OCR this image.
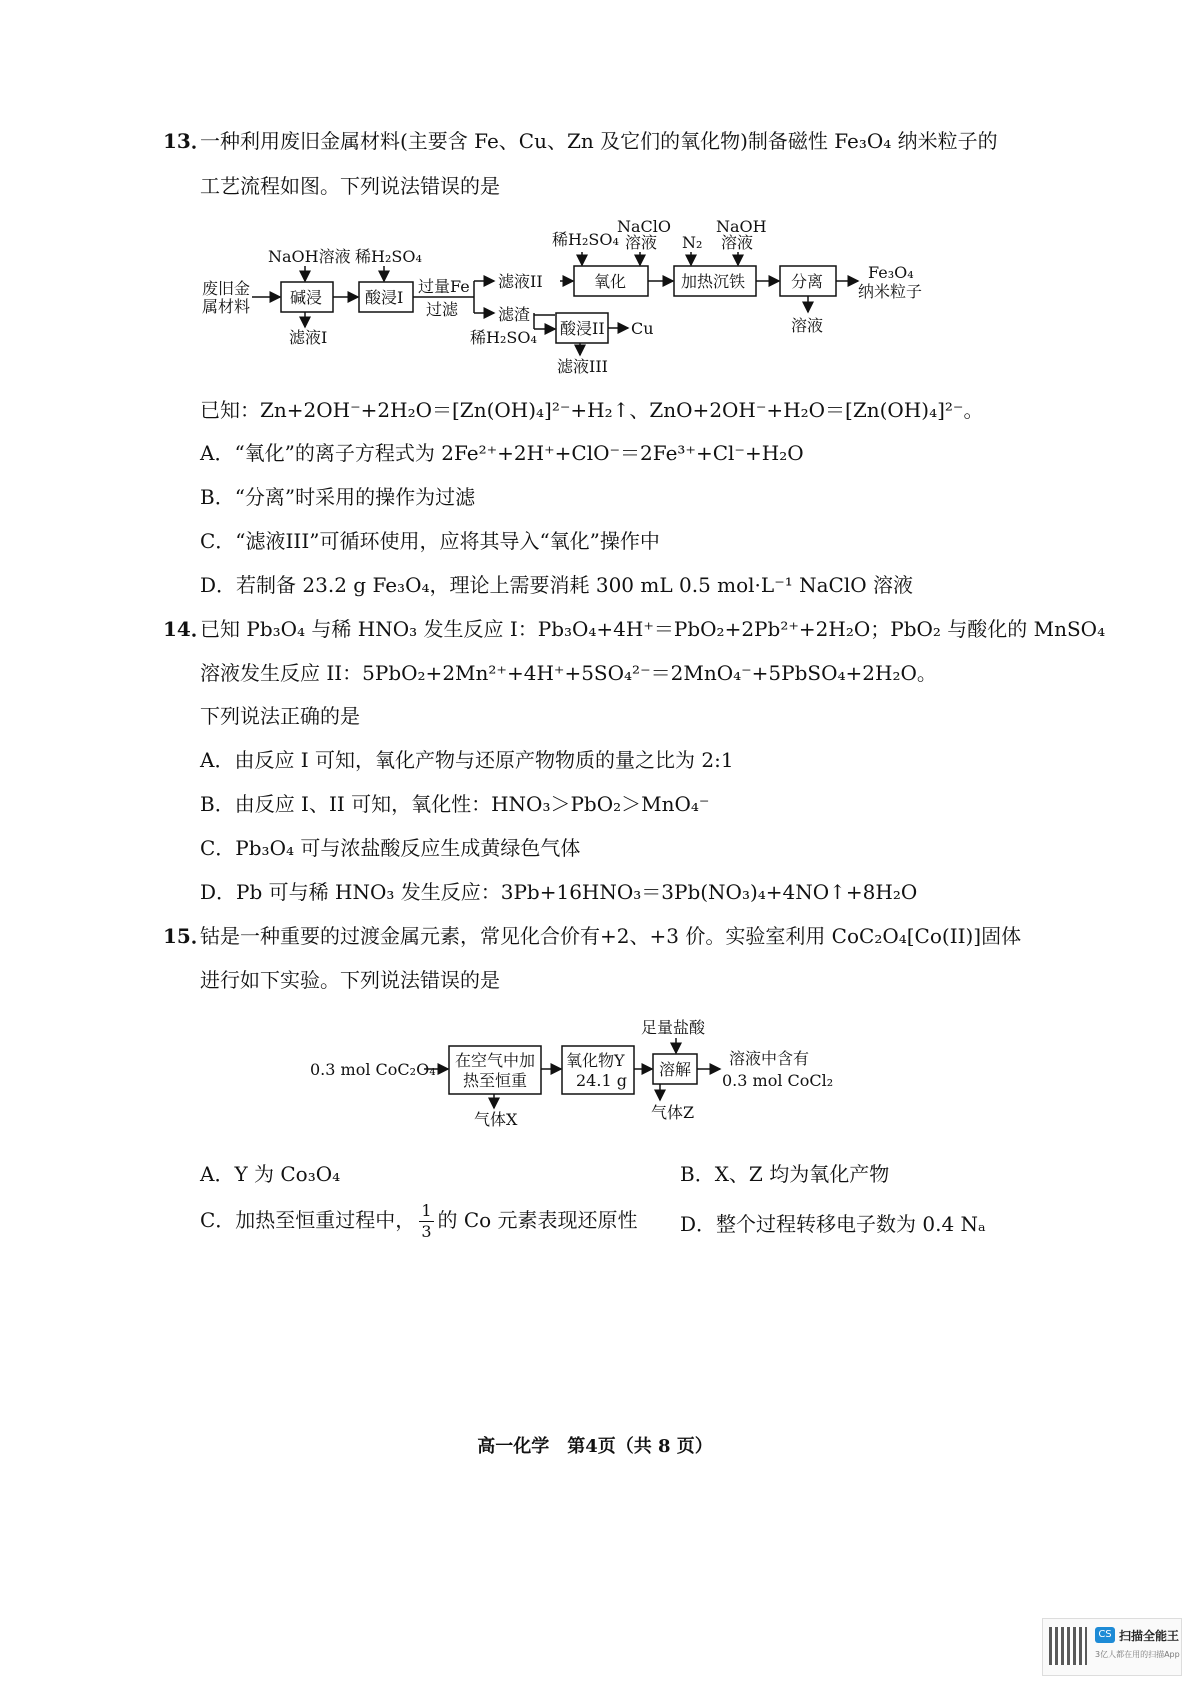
13．
一种利用废旧金属材料(主要含 Fe、Cu、Zn 及它们的氧化物)制备磁性 Fe₃O₄ 纳米粒子的
工艺流程如图。下列说法错误的是
废旧金
属材料
NaOH溶液
碱浸
滤液I
稀H₂SO₄
酸浸I
过量Fe
过滤
滤液II
滤渣
稀H₂SO₄
氧化
NaClO
溶液 N₂
NaOH
溶液
加热沉铁	分离
溶液
Fe₃O₄
纳米粒子
稀H₂SO₄ 酸浸II Cu
滤液III
0.3 mol CoC₂O₄ 在空气中加
热至恒重
气体X
氧化物Y
24.1 g
足量盐酸
溶解
气体Z
溶液中含有
0.3 mol CoCl₂
已知：Zn+2OH⁻+2H₂O＝[Zn(OH)₄]²⁻+H₂↑、ZnO+2OH⁻+H₂O＝[Zn(OH)₄]²⁻。
A．“氧化”的离子方程式为 2Fe²⁺+2H⁺+ClO⁻＝2Fe³⁺+Cl⁻+H₂O
B．“分离”时采用的操作为过滤
C．“滤液III”可循环使用，应将其导入“氧化”操作中
D．若制备 23.2 g Fe₃O₄，理论上需要消耗 300 mL 0.5 mol·L⁻¹ NaClO 溶液
14．
已知 Pb₃O₄ 与稀 HNO₃ 发生反应 I：Pb₃O₄+4H⁺＝PbO₂+2Pb²⁺+2H₂O；PbO₂ 与酸化的 MnSO₄
溶液发生反应 II：5PbO₂+2Mn²⁺+4H⁺+5SO₄²⁻＝2MnO₄⁻+5PbSO₄+2H₂O。
下列说法正确的是
A．由反应 I 可知，氧化产物与还原产物物质的量之比为 2:1
B．由反应 I、II 可知，氧化性：HNO₃＞PbO₂＞MnO₄⁻
C．Pb₃O₄ 可与浓盐酸反应生成黄绿色气体
D．Pb 可与稀 HNO₃ 发生反应：3Pb+16HNO₃＝3Pb(NO₃)₄+4NO↑+8H₂O
15．
钴是一种重要的过渡金属元素，常见化合价有+2、+3 价。实验室利用 CoC₂O₄[Co(II)]固体
进行如下实验。下列说法错误的是
A．Y 为 Co₃O₄	B．X、Z 均为氧化产物
C．加热至恒重过程中， $\frac{1}{3}$ 的 Co 元素表现还原性 D．整个过程转移电子数为 0.4 Nₐ
高一化学　第4页（共 8 页）
CS 扫描全能王
3亿人都在用的扫描App
